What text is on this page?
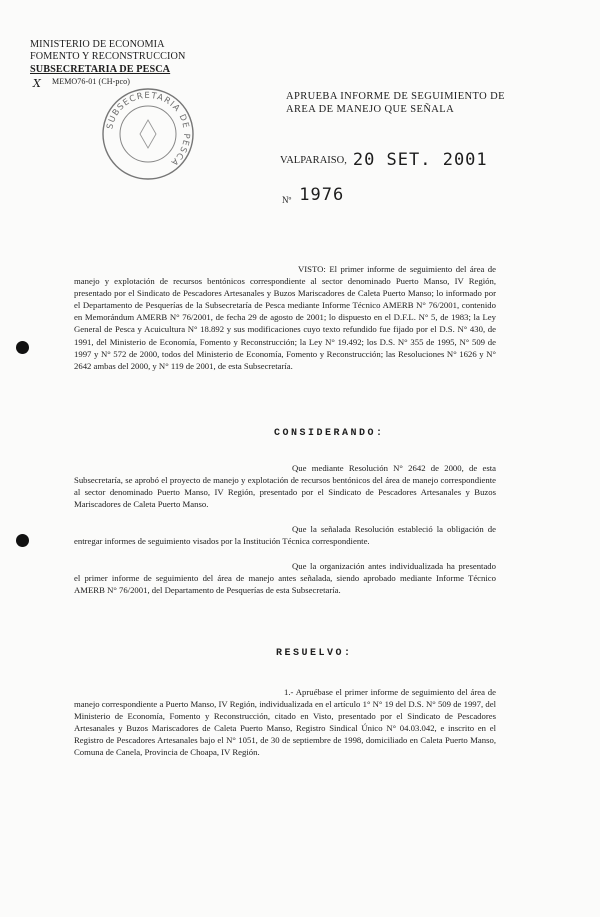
MINISTERIO DE ECONOMIA
FOMENTO Y RECONSTRUCCION
SUBSECRETARIA DE PESCA
MEMO76-01 (CH-pco)
X
SUBSECRETARIA DE PESCA
APRUEBA INFORME DE SEGUIMIENTO DE
AREA DE MANEJO QUE SEÑALA
VALPARAISO, 20 SET. 2001
Nº 1976
VISTO: El primer informe de seguimiento del área de manejo y explotación de recursos bentónicos correspondiente al sector denominado Puerto Manso, IV Región, presentado por el Sindicato de Pescadores Artesanales y Buzos Mariscadores de Caleta Puerto Manso; lo informado por el Departamento de Pesquerías de la Subsecretaría de Pesca mediante Informe Técnico AMERB N° 76/2001, contenido en Memorándum AMERB N° 76/2001, de fecha 29 de agosto de 2001; lo dispuesto en el D.F.L. N° 5, de 1983; la Ley General de Pesca y Acuicultura N° 18.892 y sus modificaciones cuyo texto refundido fue fijado por el D.S. N° 430, de 1991, del Ministerio de Economía, Fomento y Reconstrucción; la Ley N° 19.492; los D.S. N° 355 de 1995, N° 509 de 1997 y N° 572 de 2000, todos del Ministerio de Economía, Fomento y Reconstrucción; las Resoluciones N° 1626 y N° 2642 ambas del 2000, y N° 119 de 2001, de esta Subsecretaría.
CONSIDERANDO:
Que mediante Resolución N° 2642 de 2000, de esta Subsecretaría, se aprobó el proyecto de manejo y explotación de recursos bentónicos del área de manejo correspondiente al sector denominado Puerto Manso, IV Región, presentado por el Sindicato de Pescadores Artesanales y Buzos Mariscadores de Caleta Puerto Manso.
Que la señalada Resolución estableció la obligación de entregar informes de seguimiento visados por la Institución Técnica correspondiente.
Que la organización antes individualizada ha presentado el primer informe de seguimiento del área de manejo antes señalada, siendo aprobado mediante Informe Técnico AMERB N° 76/2001, del Departamento de Pesquerías de esta Subsecretaría.
RESUELVO:
1.- Apruébase el primer informe de seguimiento del área de manejo correspondiente a Puerto Manso, IV Región, individualizada en el artículo 1° N° 19 del D.S. N° 509 de 1997, del Ministerio de Economía, Fomento y Reconstrucción, citado en Visto, presentado por el Sindicato de Pescadores Artesanales y Buzos Mariscadores de Caleta Puerto Manso, Registro Sindical Único N° 04.03.042, e inscrito en el Registro de Pescadores Artesanales bajo el N° 1051, de 30 de septiembre de 1998, domiciliado en Caleta Puerto Manso, Comuna de Canela, Provincia de Choapa, IV Región.
